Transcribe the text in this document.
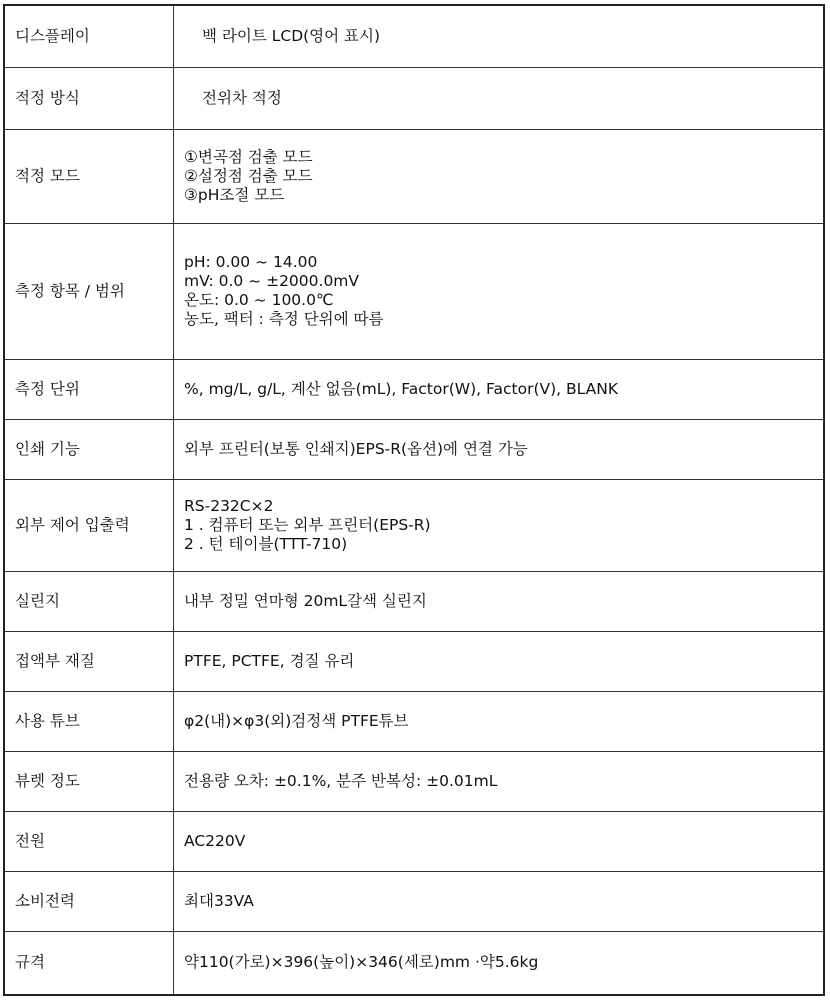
디스플레이	백 라이트 LCD(영어 표시)

적정 방식	전위차 적정

적정 모드	①변곡점 검출 모드
②설정점 검출 모드
③pH조절 모드

측정 항목 / 범위	pH: 0.00 ~ 14.00
mV: 0.0 ~ ±2000.0mV
온도: 0.0 ~ 100.0℃
농도, 팩터 : 측정 단위에 따름

측정 단위	%, mg/L, g/L, 계산 없음(mL), Factor(W), Factor(V), BLANK

인쇄 기능	외부 프린터(보통 인쇄지)EPS-R(옵션)에 연결 가능

외부 제어 입출력	RS-232C×2
1 . 컴퓨터 또는 외부 프린터(EPS-R)
2 . 턴 테이블(TTT-710)

실린지	내부 정밀 연마형 20mL갈색 실린지

접액부 재질	PTFE, PCTFE, 경질 유리

사용 튜브	φ2(내)×φ3(외)검정색 PTFE튜브

뷰렛 정도	전용량 오차: ±0.1%, 분주 반복성: ±0.01mL

전원	AC220V

소비전력	최대33VA

규격	약110(가로)×396(높이)×346(세로)mm ·약5.6kg
